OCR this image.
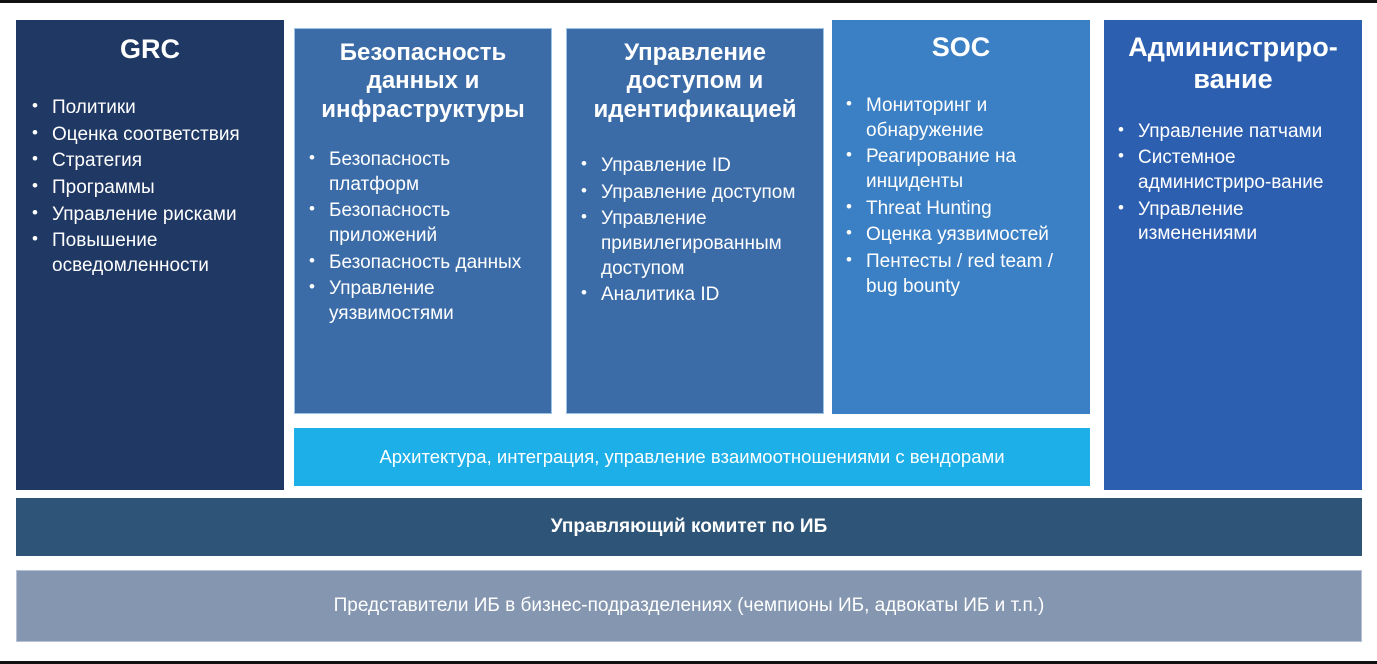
GRC
• Политики
• Оценка соответствия
• Стратегия
• Программы
• Управление рисками
• Повышение осведомленности
Безопасность данных и инфраструктуры
• Безопасность платформ
• Безопасность приложений
• Безопасность данных
• Управление уязвимостями
Управление доступом и идентификацией
• Управление ID
• Управление доступом
• Управление привилегированным доступом
• Аналитика ID
SOC
• Мониторинг и обнаружение
• Реагирование на инциденты
• Threat Hunting
• Оценка уязвимостей
• Пентесты / red team / bug bounty
Администриро-вание
• Управление патчами
• Системное администриро-вание
• Управление изменениями
Архитектура, интеграция, управление взаимоотношениями с вендорами
Управляющий комитет по ИБ
Представители ИБ в бизнес-подразделениях (чемпионы ИБ, адвокаты ИБ и т.п.)
